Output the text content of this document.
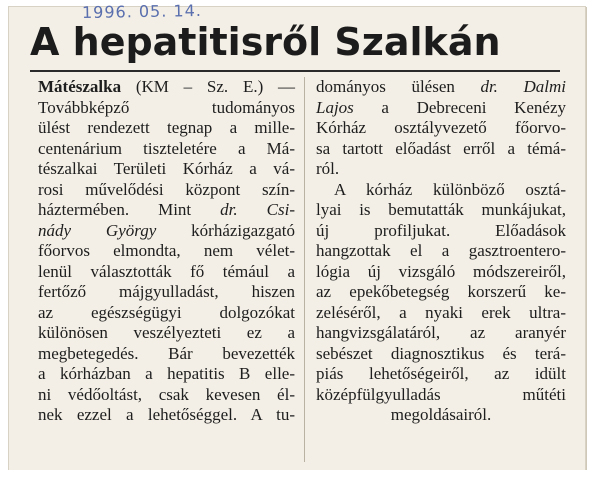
1996. 05. 14.
A hepatitisről Szalkán
Mátészalka (KM – Sz. E.) —
Továbbképző tudományos
ülést rendezett tegnap a mille-
centenárium tiszteletére a Má-
tészalkai Területi Kórház a vá-
rosi művelődési központ szín-
háztermében. Mint dr. Csi-
nády György kórházigazgató
főorvos elmondta, nem vélet-
lenül választották fő témául a
fertőző májgyulladást, hiszen
az egészségügyi dolgozókat
különösen veszélyezteti ez a
megbetegedés. Bár bevezették
a kórházban a hepatitis B elle-
ni védőoltást, csak kevesen él-
nek ezzel a lehetőséggel. A tu-
dományos ülésen dr. Dalmi
Lajos a Debreceni Kenézy
Kórház osztályvezető főorvo-
sa tartott előadást erről a témá-
ról.
A kórház különböző osztá-
lyai is bemutatták munkájukat,
új profiljukat. Előadások
hangzottak el a gasztroentero-
lógia új vizsgáló módszereiről,
az epekőbetegség korszerű ke-
zeléséről, a nyaki erek ultra-
hangvizsgálatáról, az aranyér
sebészet diagnosztikus és terá-
piás lehetőségeiről, az idült
középfülgyulladás műtéti
megoldásairól.
